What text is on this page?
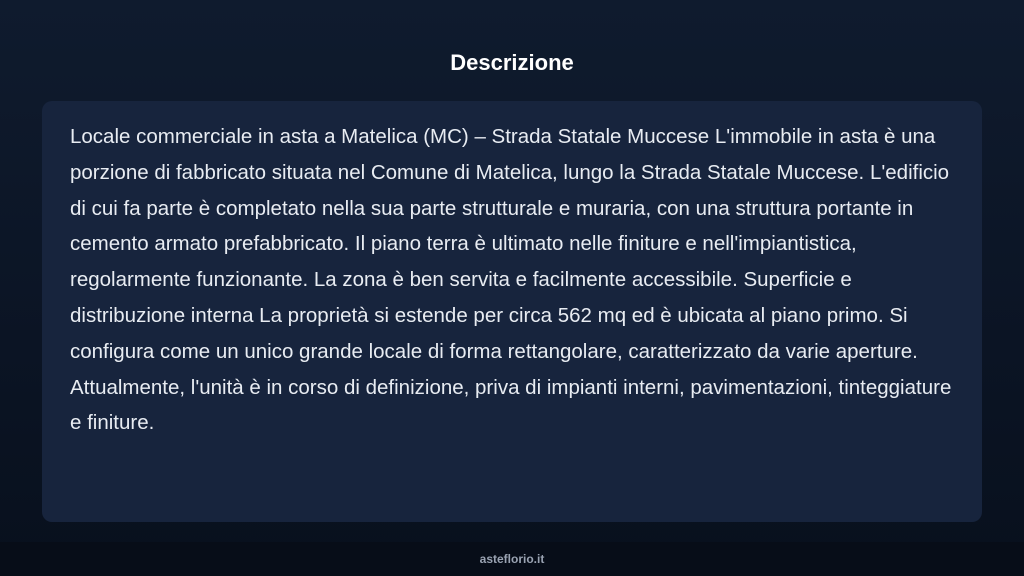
Descrizione

Locale commerciale in asta a Matelica (MC) – Strada Statale Muccese L'immobile in asta è una porzione di fabbricato situata nel Comune di Matelica, lungo la Strada Statale Muccese. L'edificio di cui fa parte è completato nella sua parte strutturale e muraria, con una struttura portante in cemento armato prefabbricato. Il piano terra è ultimato nelle finiture e nell'impiantistica, regolarmente funzionante. La zona è ben servita e facilmente accessibile. Superficie e distribuzione interna La proprietà si estende per circa 562 mq ed è ubicata al piano primo. Si configura come un unico grande locale di forma rettangolare, caratterizzato da varie aperture. Attualmente, l'unità è in corso di definizione, priva di impianti interni, pavimentazioni, tinteggiature e finiture.

asteflorio.it
